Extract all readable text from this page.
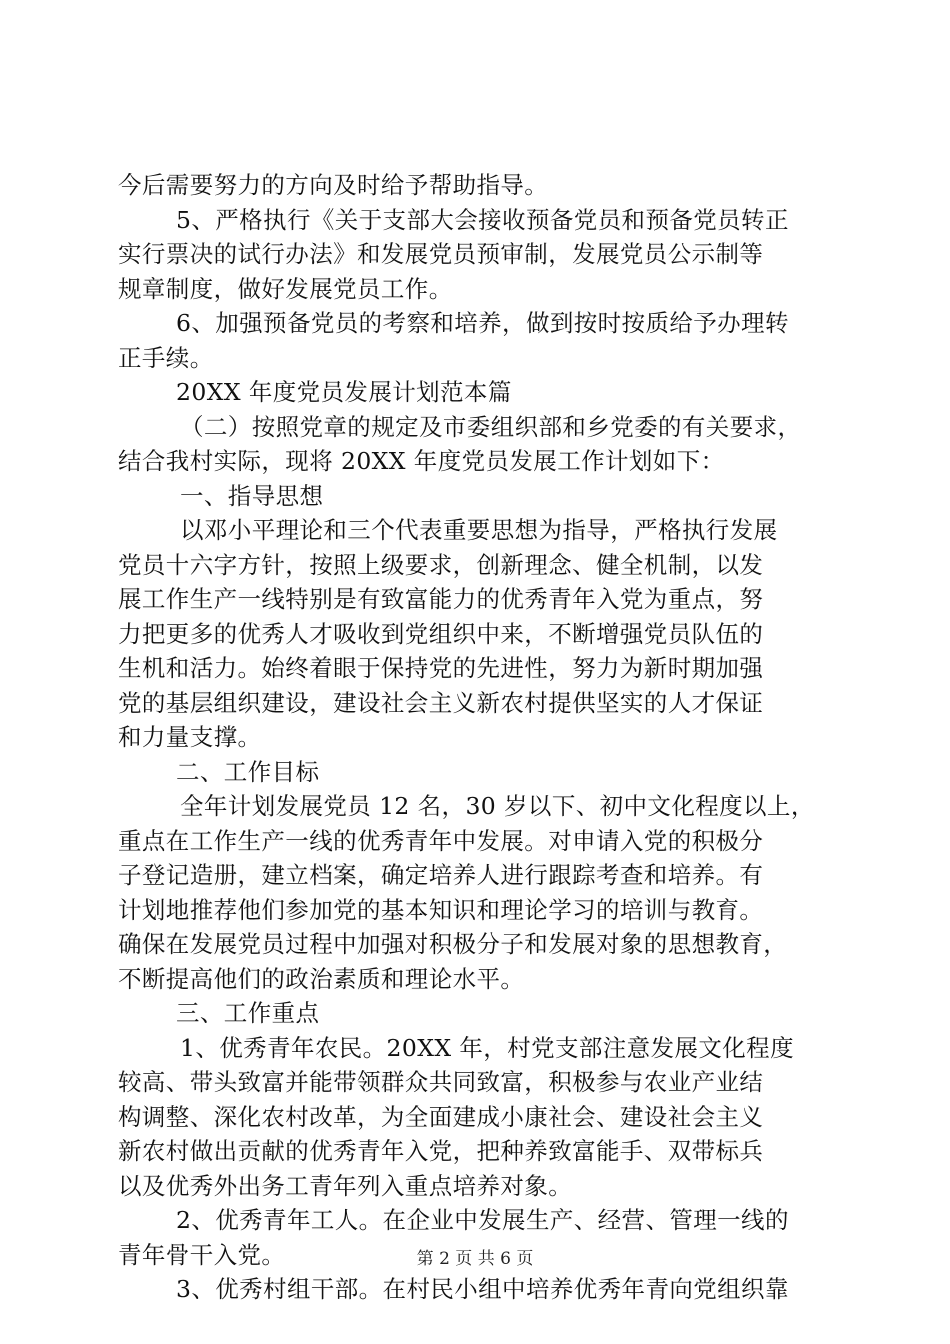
今后需要努力的方向及时给予帮助指导。
5、严格执行《关于支部大会接收预备党员和预备党员转正
实行票决的试行办法》和发展党员预审制，发展党员公示制等
规章制度，做好发展党员工作。
6、加强预备党员的考察和培养，做到按时按质给予办理转
正手续。
20XX 年度党员发展计划范本篇
（二）按照党章的规定及市委组织部和乡党委的有关要求，
结合我村实际，现将 20XX 年度党员发展工作计划如下：
一、指导思想
以邓小平理论和三个代表重要思想为指导，严格执行发展
党员十六字方针，按照上级要求，创新理念、健全机制，以发
展工作生产一线特别是有致富能力的优秀青年入党为重点，努
力把更多的优秀人才吸收到党组织中来，不断增强党员队伍的
生机和活力。始终着眼于保持党的先进性，努力为新时期加强
党的基层组织建设，建设社会主义新农村提供坚实的人才保证
和力量支撑。
二、工作目标
全年计划发展党员 12 名，30 岁以下、初中文化程度以上，
重点在工作生产一线的优秀青年中发展。对申请入党的积极分
子登记造册，建立档案，确定培养人进行跟踪考查和培养。有
计划地推荐他们参加党的基本知识和理论学习的培训与教育。
确保在发展党员过程中加强对积极分子和发展对象的思想教育，
不断提高他们的政治素质和理论水平。
三、工作重点
1、优秀青年农民。20XX 年，村党支部注意发展文化程度
较高、带头致富并能带领群众共同致富，积极参与农业产业结
构调整、深化农村改革，为全面建成小康社会、建设社会主义
新农村做出贡献的优秀青年入党，把种养致富能手、双带标兵
以及优秀外出务工青年列入重点培养对象。
2、优秀青年工人。在企业中发展生产、经营、管理一线的
青年骨干入党。
3、优秀村组干部。在村民小组中培养优秀年青向党组织靠
第 2 页 共 6 页
